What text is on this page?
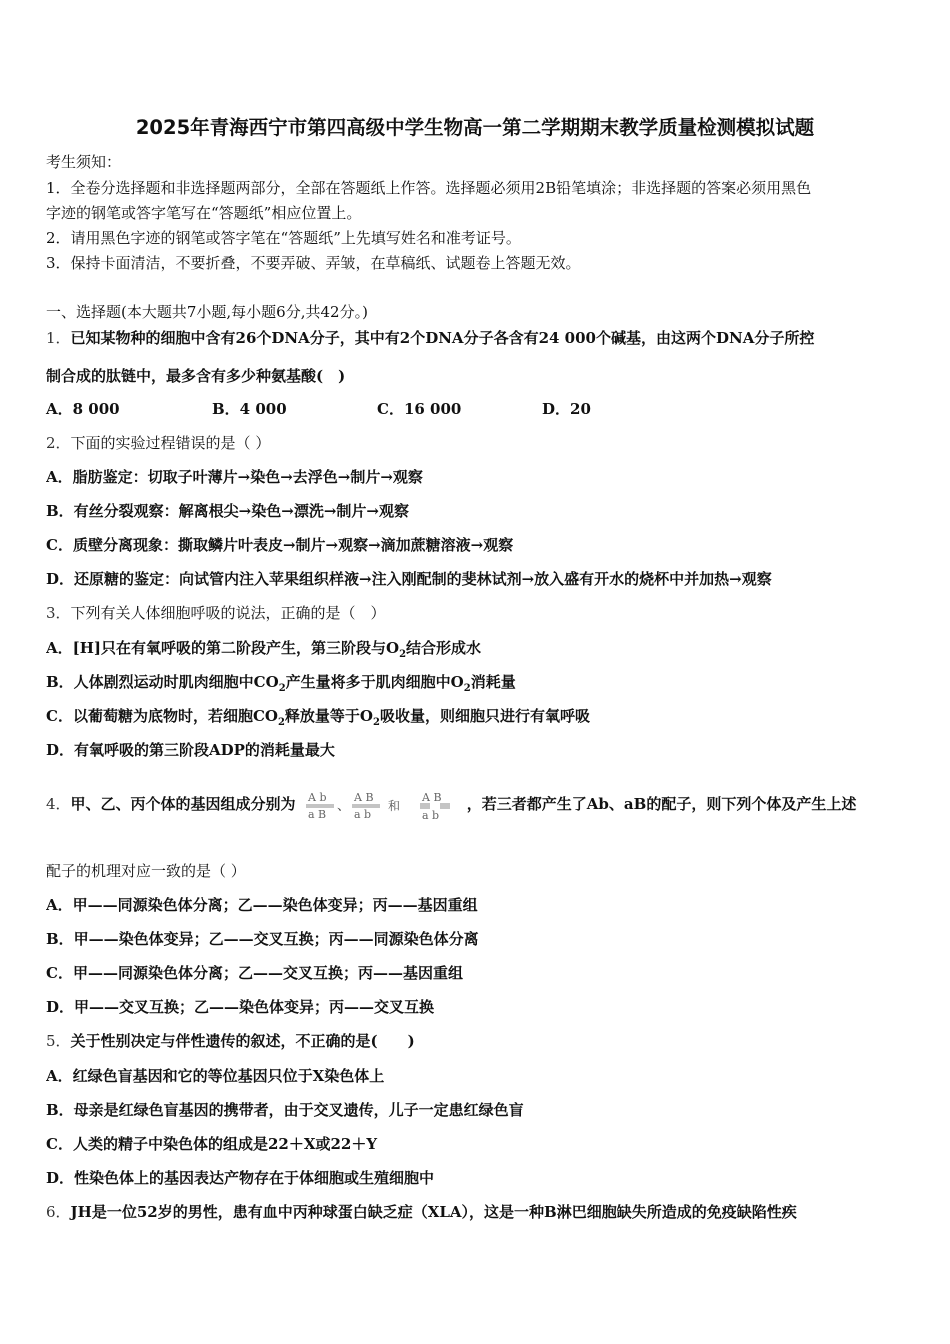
2025年青海西宁市第四高级中学生物高一第二学期期末教学质量检测模拟试题
考生须知：
1．全卷分选择题和非选择题两部分，全部在答题纸上作答。选择题必须用2B铅笔填涂；非选择题的答案必须用黑色
字迹的钢笔或答字笔写在“答题纸”相应位置上。
2．请用黑色字迹的钢笔或答字笔在“答题纸”上先填写姓名和准考证号。
3．保持卡面清洁，不要折叠，不要弄破、弄皱，在草稿纸、试题卷上答题无效。
一、选择题(本大题共7小题,每小题6分,共42分。)
1．已知某物种的细胞中含有26个DNA分子，其中有2个DNA分子各含有24 000个碱基，由这两个DNA分子所控
制合成的肽链中，最多含有多少种氨基酸(　)
A．8 000	B．4 000	C．16 000	D．20
2．下面的实验过程错误的是（ ）
A．脂肪鉴定：切取子叶薄片→染色→去浮色→制片→观察
B．有丝分裂观察：解离根尖→染色→漂洗→制片→观察
C．质壁分离现象：撕取鳞片叶表皮→制片→观察→滴加蔗糖溶液→观察
D．还原糖的鉴定：向试管内注入苹果组织样液→注入刚配制的斐林试剂→放入盛有开水的烧杯中并加热→观察
3．下列有关人体细胞呼吸的说法，正确的是（　）
A．[H]只在有氧呼吸的第二阶段产生，第三阶段与$O_2$结合形成水
B．人体剧烈运动时肌肉细胞中$CO_2$产生量将多于肌肉细胞中$O_2$消耗量
C．以葡萄糖为底物时，若细胞$CO_2$释放量等于$O_2$吸收量，则细胞只进行有氧呼吸
D．有氧呼吸的第三阶段ADP的消耗量最大
4．甲、乙、丙个体的基因组成分别为 A b
a B
、
A B
a b
和
A B
a b
，若三者都产生了Ab、aB的配子，则下列个体及产生上述
配子的机理对应一致的是（ ）
A．甲——同源染色体分离；乙——染色体变异；丙——基因重组
B．甲——染色体变异；乙——交叉互换；丙——同源染色体分离
C．甲——同源染色体分离；乙——交叉互换；丙——基因重组
D．甲——交叉互换；乙——染色体变异；丙——交叉互换
5．关于性别决定与伴性遗传的叙述，不正确的是(　　)
A．红绿色盲基因和它的等位基因只位于X染色体上
B．母亲是红绿色盲基因的携带者，由于交叉遗传，儿子一定患红绿色盲
C．人类的精子中染色体的组成是22＋X或22＋Y
D．性染色体上的基因表达产物存在于体细胞或生殖细胞中
6．JH是一位52岁的男性，患有血中丙种球蛋白缺乏症（XLA），这是一种B淋巴细胞缺失所造成的免疫缺陷性疾
